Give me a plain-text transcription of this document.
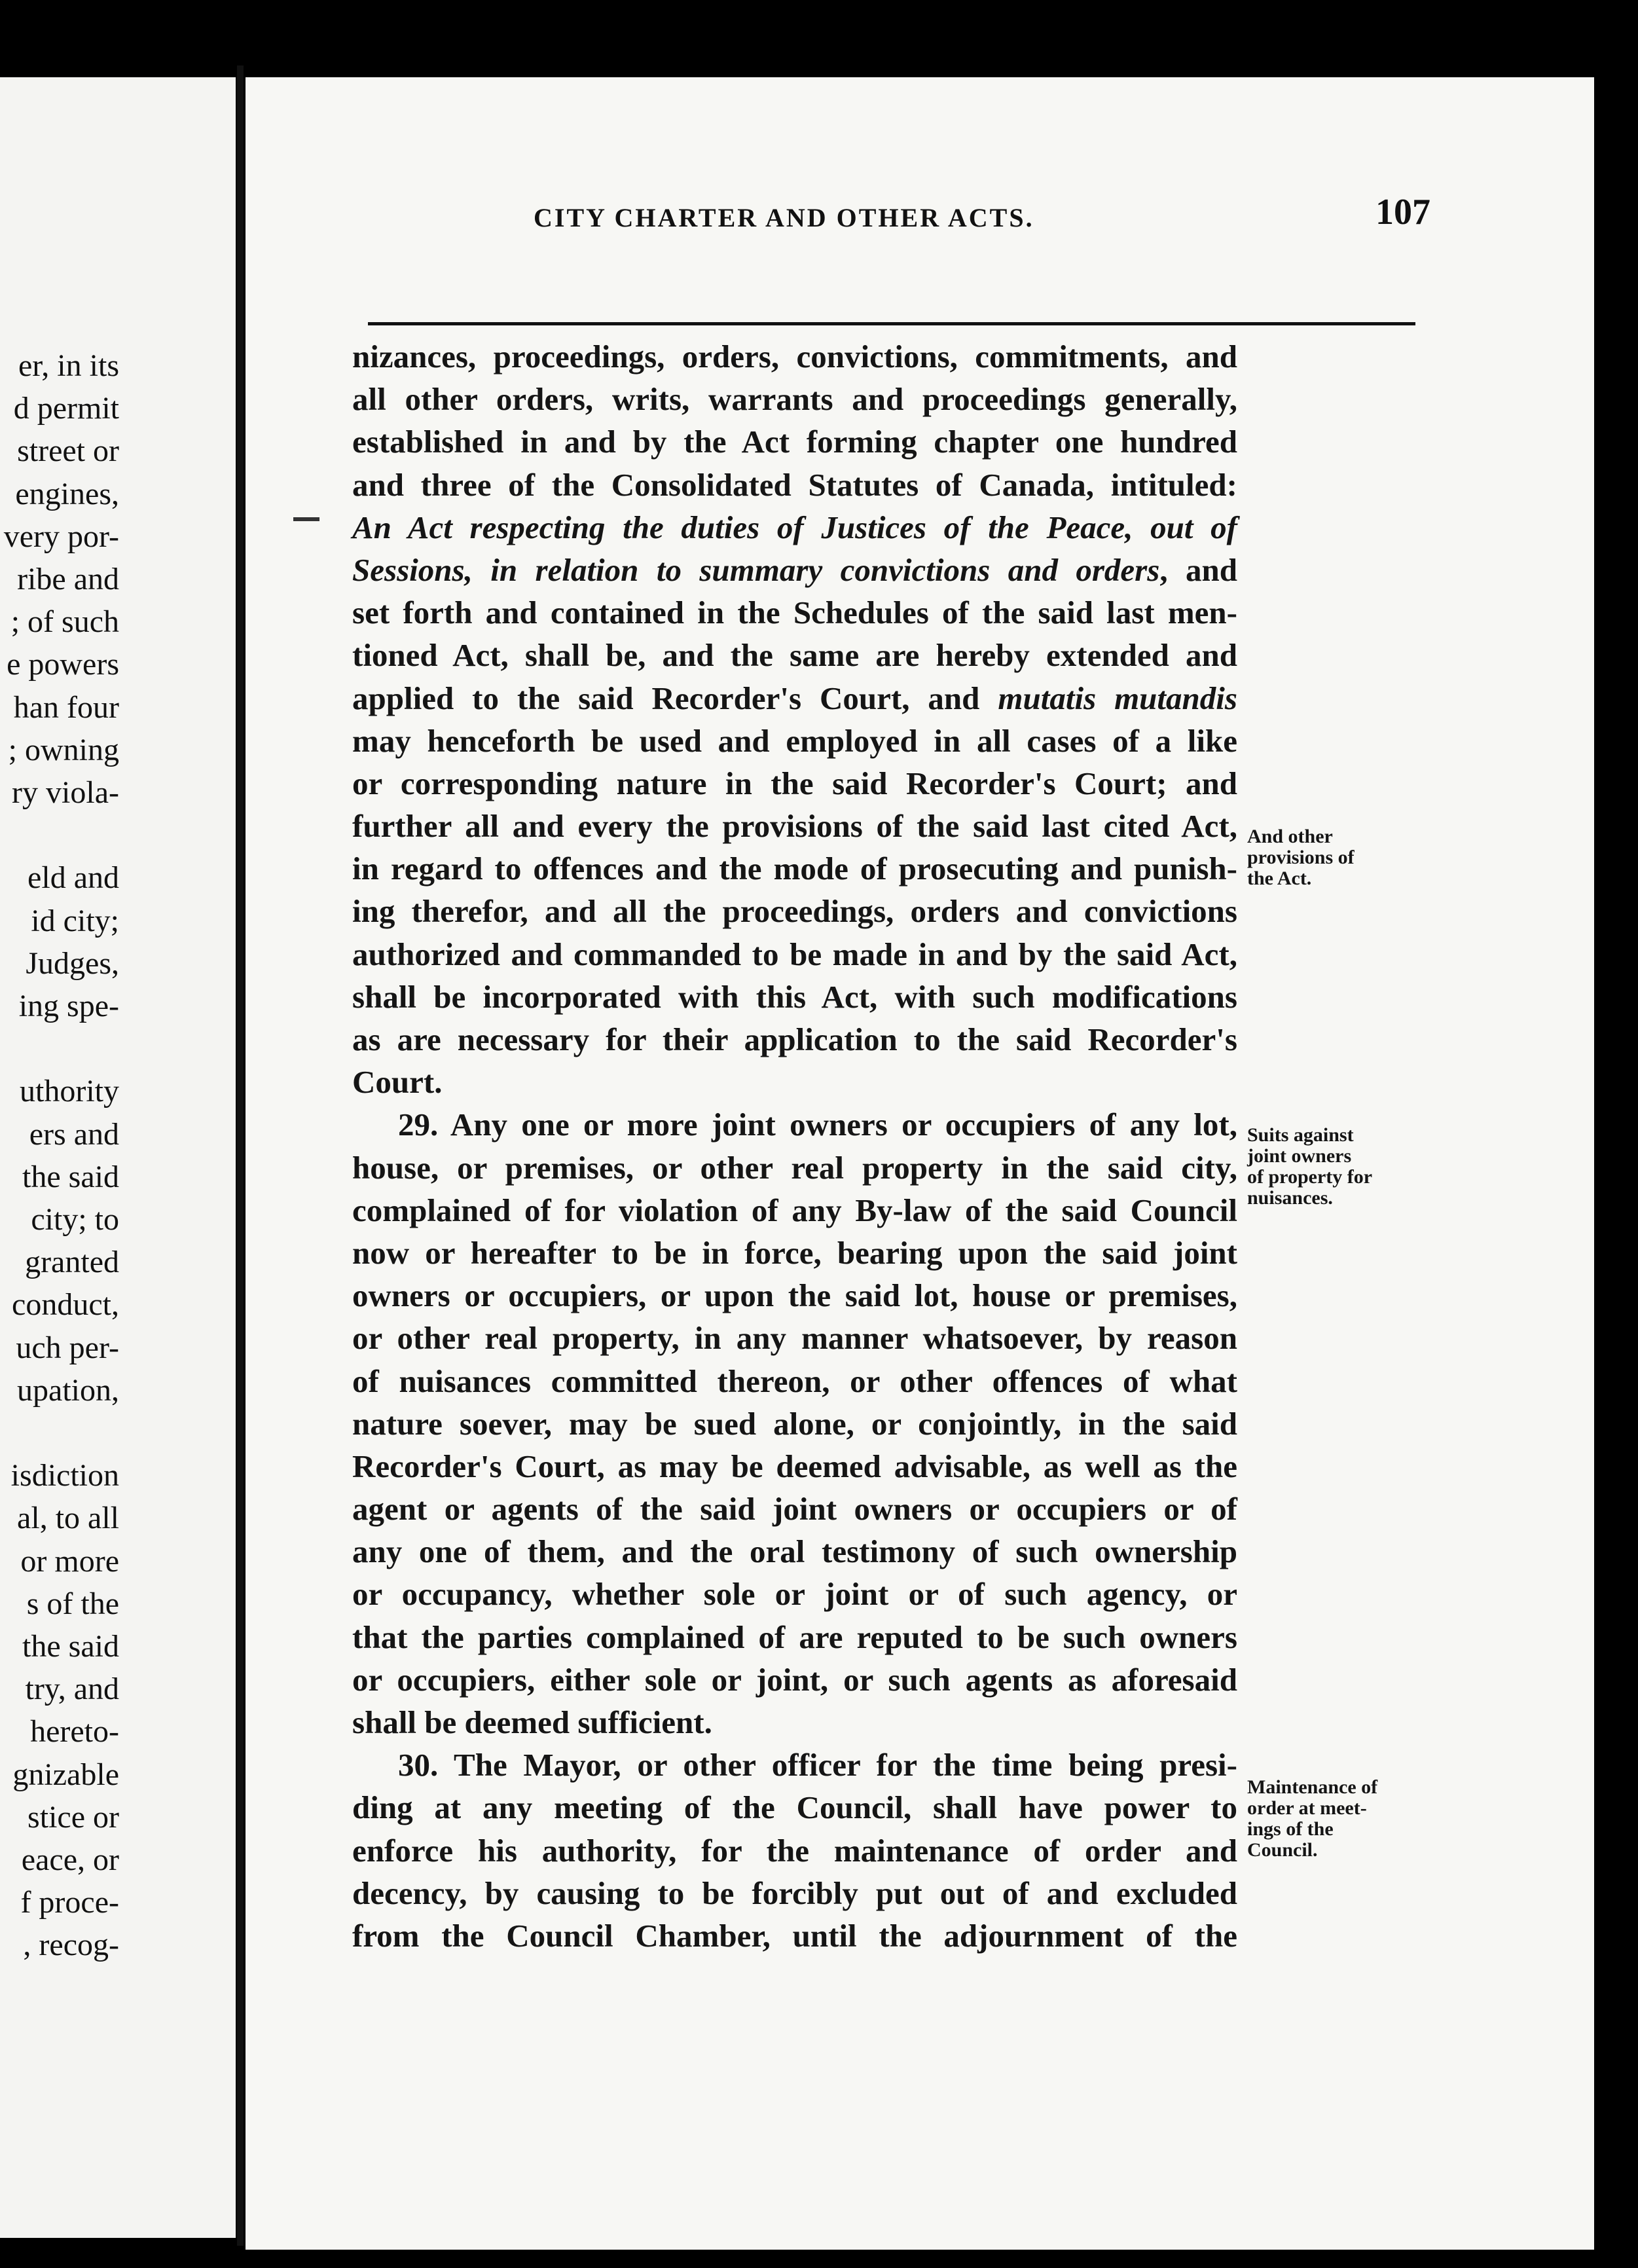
er, in its
d permit
street or
engines,
very por-
ribe and
; of such
e powers
han four
; owning
ry viola-
eld and
id city;
Judges,
ing spe-
uthority
ers and
the said
city; to
granted
conduct,
uch per-
upation,
isdiction
al, to all
or more
s of the
the said
try, and
hereto-
gnizable
stice or
eace, or
f proce-
, recog-
CITY CHARTER AND OTHER ACTS.	107
nizances, proceedings, orders, convictions, commitments, and
all other orders, writs, warrants and proceedings generally,
established in and by the Act forming chapter one hundred
and three of the Consolidated Statutes of Canada, intituled:
An Act respecting the duties of Justices of the Peace, out of
Sessions, in relation to summary convictions and orders, and
set forth and contained in the Schedules of the said last men-
tioned Act, shall be, and the same are hereby extended and
applied to the said Recorder's Court, and mutatis mutandis
may henceforth be used and employed in all cases of a like
or corresponding nature in the said Recorder's Court; and
further all and every the provisions of the said last cited Act,
in regard to offences and the mode of prosecuting and punish-
ing therefor, and all the proceedings, orders and convictions
authorized and commanded to be made in and by the said Act,
shall be incorporated with this Act, with such modifications
as are necessary for their application to the said Recorder's
Court.
29. Any one or more joint owners or occupiers of any lot,
house, or premises, or other real property in the said city,
complained of for violation of any By-law of the said Council
now or hereafter to be in force, bearing upon the said joint
owners or occupiers, or upon the said lot, house or premises,
or other real property, in any manner whatsoever, by reason
of nuisances committed thereon, or other offences of what
nature soever, may be sued alone, or conjointly, in the said
Recorder's Court, as may be deemed advisable, as well as the
agent or agents of the said joint owners or occupiers or of
any one of them, and the oral testimony of such ownership
or occupancy, whether sole or joint or of such agency, or
that the parties complained of are reputed to be such owners
or occupiers, either sole or joint, or such agents as aforesaid
shall be deemed sufficient.
30. The Mayor, or other officer for the time being presi-
ding at any meeting of the Council, shall have power to
enforce his authority, for the maintenance of order and
decency, by causing to be forcibly put out of and excluded
from the Council Chamber, until the adjournment of the
And other
provisions of
the Act.
Suits against
joint owners
of property for
nuisances.
Maintenance of
order at meet-
ings of the
Council.
